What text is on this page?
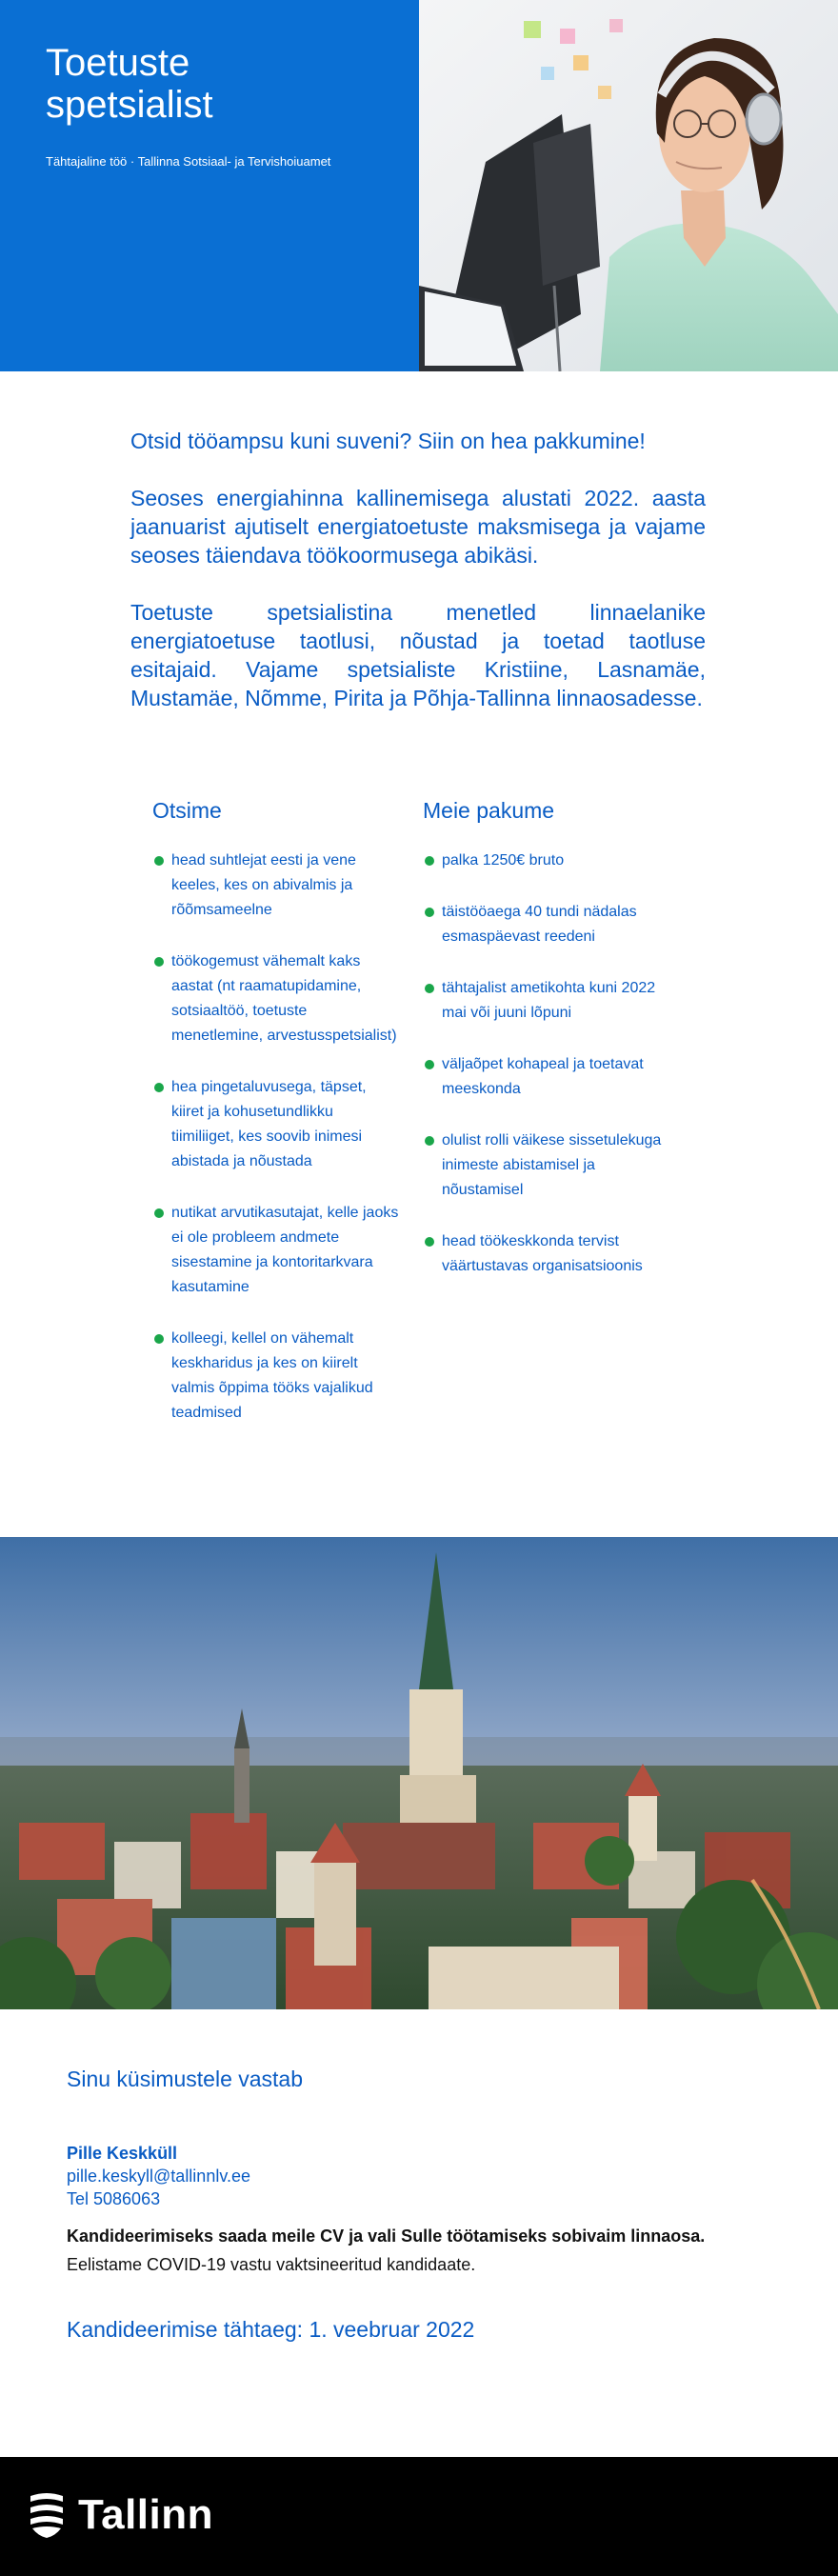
Toetuste
spetsialist
Tähtajaline töö · Tallinna Sotsiaal- ja Tervishoiuamet

Otsid tööampsu kuni suveni? Siin on hea pakkumine!

Seoses energiahinna kallinemisega alustati 2022. aasta jaanuarist ajutiselt energiatoetuste maksmisega ja vajame seoses täiendava töökoormusega abikäsi.

Toetuste spetsialistina menetled linnaelanike energiatoetuse taotlusi, nõustad ja toetad taotluse esitajaid. Vajame spetsialiste Kristiine, Lasnamäe, Mustamäe, Nõmme, Pirita ja Põhja-Tallinna linnaosadesse.

Otsime
head suhtlejat eesti ja vene keeles, kes on abivalmis ja rõõmsameelne
töökogemust vähemalt kaks aastat (nt raamatupidamine, sotsiaaltöö, toetuste menetlemine, arvestusspetsialist)
hea pingetaluvusega, täpset, kiiret ja kohusetundlikku tiimiliiget, kes soovib inimesi abistada ja nõustada
nutikat arvutikasutajat, kelle jaoks ei ole probleem andmete sisestamine ja kontoritarkvara kasutamine
kolleegi, kellel on vähemalt keskharidus ja kes on kiirelt valmis õppima tööks vajalikud teadmised
Meie pakume
palka 1250€ bruto
täistööaega 40 tundi nädalas esmaspäevast reedeni
tähtajalist ametikohta kuni 2022 mai või juuni lõpuni
väljaõpet kohapeal ja toetavat meeskonda
olulist rolli väikese sissetulekuga inimeste abistamisel ja nõustamisel
head töökeskkonda tervist väärtustavas organisatsioonis
Sinu küsimustele vastab
Pille Keskküll
pille.keskyll@tallinnlv.ee
Tel 5086063
Kandideerimiseks saada meile CV ja vali Sulle töötamiseks sobivaim linnaosa.
Eelistame COVID-19 vastu vaktsineeritud kandidaate.
Kandideerimise tähtaeg: 1. veebruar 2022
Tallinn
